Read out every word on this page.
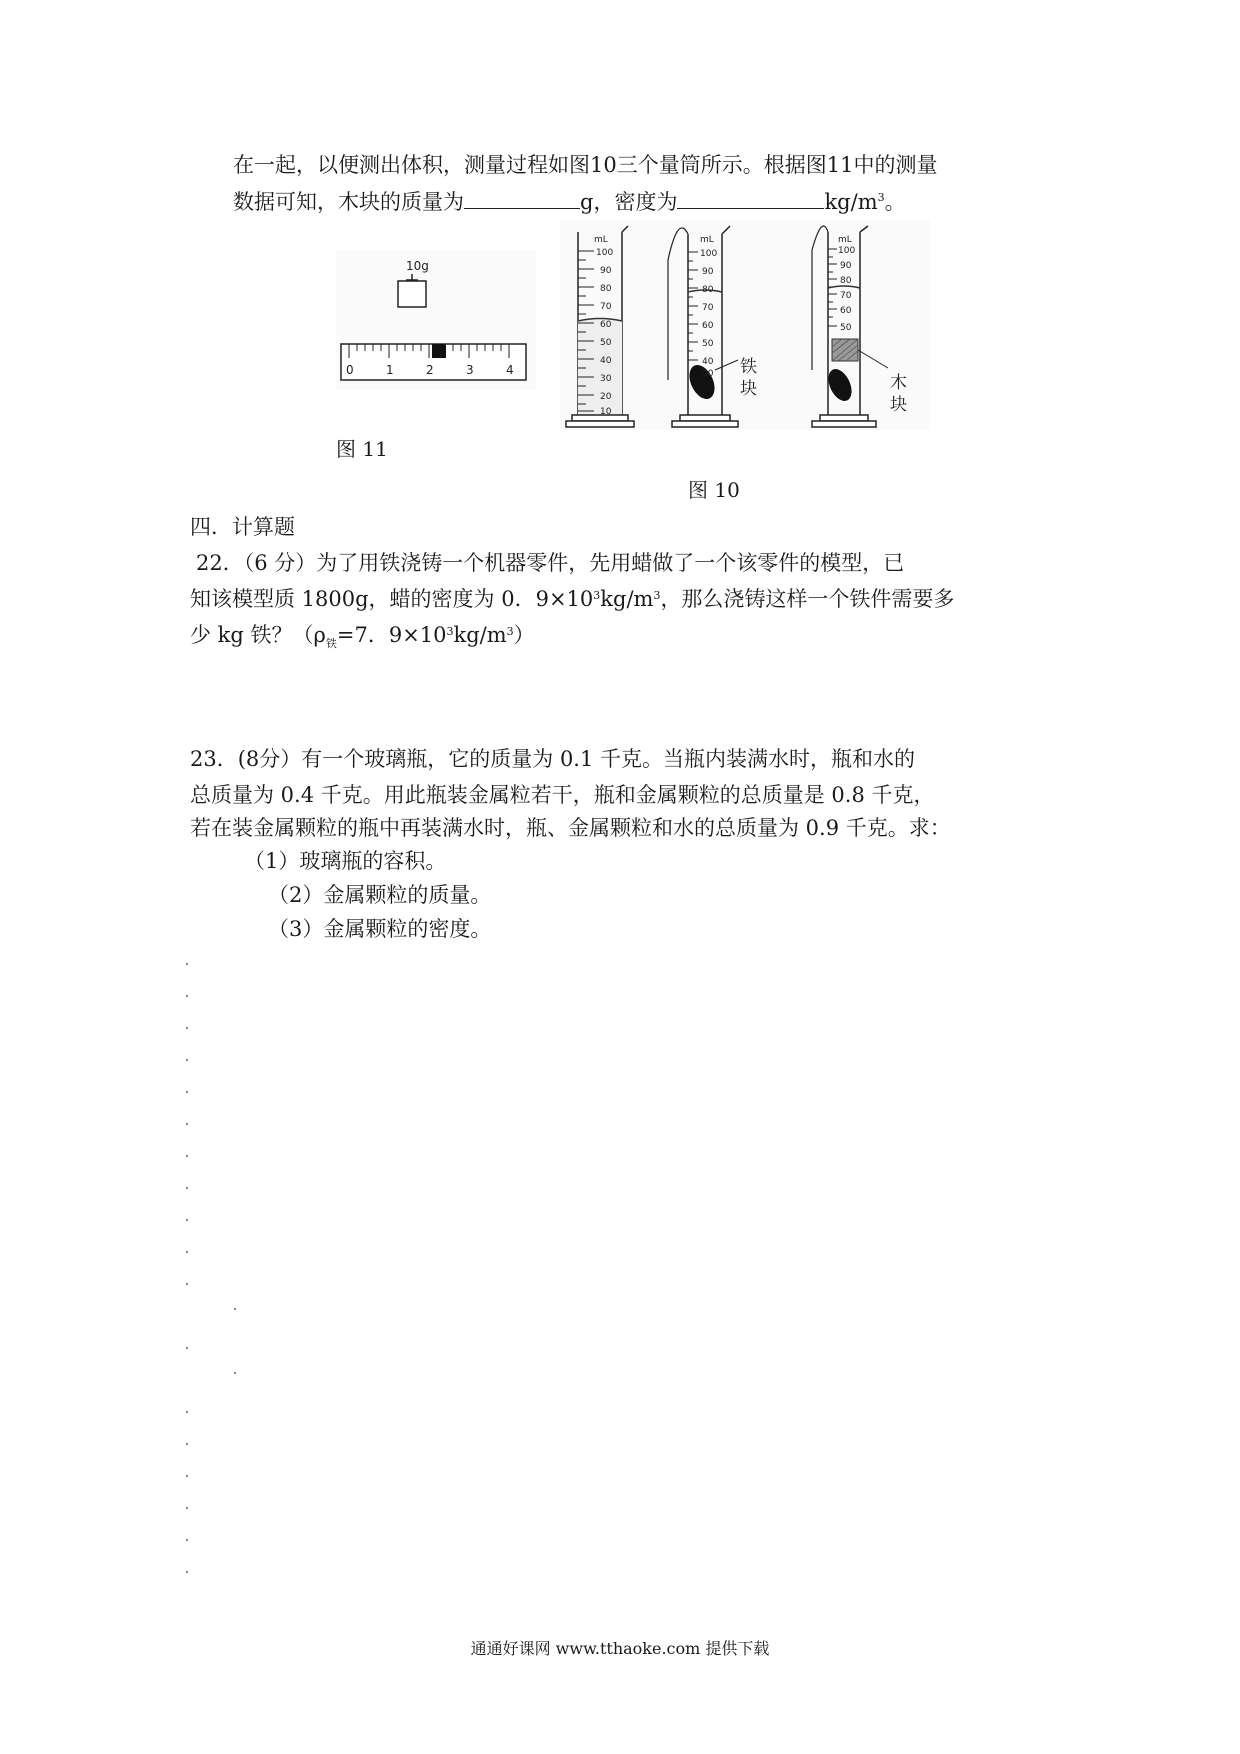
在一起，以便测出体积，测量过程如图10三个量筒所示。根据图11中的测量
数据可知，木块的质量为	g，密度为	$kg/m^3$。
10g
0	1	2	3	4
图 11
mL
100
90
80
70
60
50
40
30
20
10
mL
100
90
80
70
60
50
40
30 铁
块
mL
100
90
80
70
60
50
木
块
图 10
四．计算题
22．（6 分）为了用铁浇铸一个机器零件，先用蜡做了一个该零件的模型，已
知该模型质 1800g，蜡的密度为 0．$9\times 10^3kg/m^3$，那么浇铸这样一个铁件需要多
少 kg 铁？（$\rho_铁=7$．$9\times 10^3kg/m^3$）
23．(8分）有一个玻璃瓶，它的质量为 0.1 千克。当瓶内装满水时，瓶和水的
总质量为 0.4 千克。用此瓶装金属粒若干，瓶和金属颗粒的总质量是 0.8 千克，
若在装金属颗粒的瓶中再装满水时，瓶、金属颗粒和水的总质量为 0.9 千克。求：
（1）玻璃瓶的容积。
（2）金属颗粒的质量。
（3）金属颗粒的密度。
通通好课网 www.tthaoke.com 提供下载
